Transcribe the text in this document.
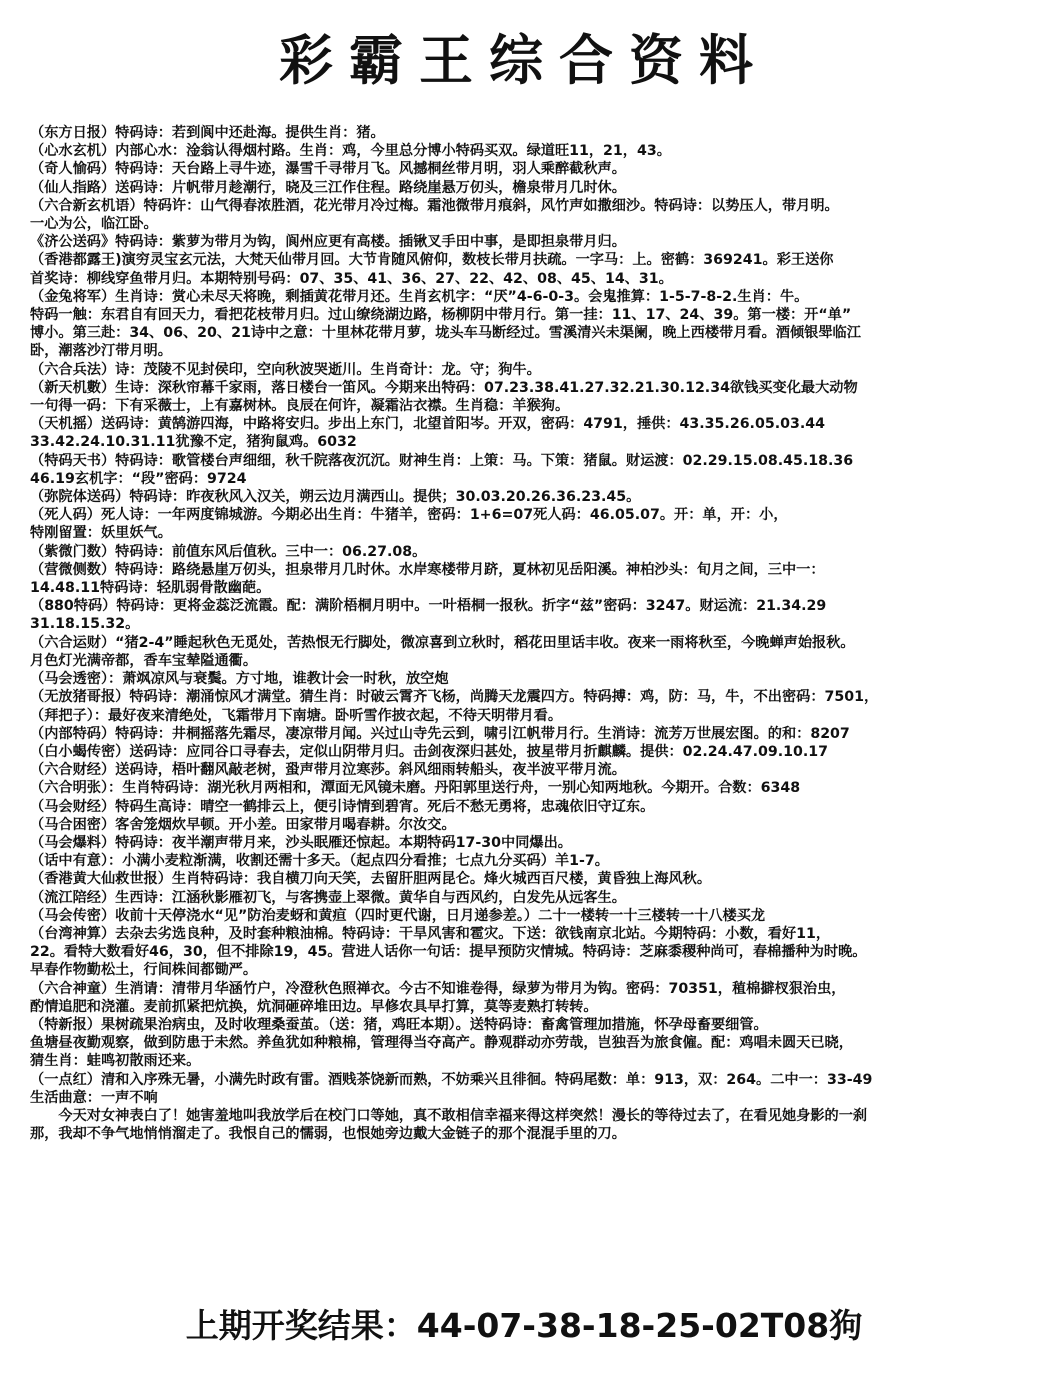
彩霸王综合资料
（东方日报）特码诗：若到阆中还赴海。提供生肖：猪。
（心水玄机）内部心水：淦翁认得烟村路。生肖：鸡，今里总分博小特码买双。绿道旺11，21，43。
（奇人愉码）特码诗：天台路上寻牛迹，瀑雪千寻带月飞。风撼桐丝带月明，羽人乘醉截秋声。
（仙人指路）送码诗：片帆带月趁潮行，晓及三江作住程。路绕崖悬万仞头，檐泉带月几时休。
（六合新玄机语）特码许：山气得春浓胜酒，花光带月冷过梅。霜池微带月痕斜，风竹声如撒细沙。特码诗：以势压人，带月明。
一心为公，临江卧。
《济公送码》特码诗：紫萝为带月为钩，阆州应更有高楼。插锹叉手田中事，是即担泉带月归。
（香港都露王)演穷灵宝玄元法，大梵天仙带月回。大节肯随风俯仰，数枝长带月扶疏。一字马：上。密鹤：369241。彩王送你
首奖诗：柳线穿鱼带月归。本期特别号码：07、35、41、36、27、22、42、08、45、14、31。
（金兔将军）生肖诗：赏心未尽天将晚，剩插黄花带月还。生肖玄机字：“厌”4-6-0-3。会鬼推算：1-5-7-8-2.生肖：牛。
特码一触：东君自有回天力，看把花枝带月归。过山缭绕湖边路，杨柳阴中带月行。第一挂：11、17、24、39。第一楼：开“单”
博小。第三赴：34、06、20、21诗中之意：十里林花带月萝，垅头车马断经过。雪溪清兴未渠阑，晚上西楼带月看。酒倾银斝临江
卧，潮落沙汀带月明。
（六合兵法）诗：茂陵不见封侯印，空向秋波哭逝川。生肖奇计：龙。守；狗牛。
（新天机數）生诗：深秋帘幕千家雨，落日楼台一笛风。今期来出特码：07.23.38.41.27.32.21.30.12.34欲钱买变化最大动物
一句得一码：下有采薇士，上有嘉树林。良辰在何许，凝霜沾衣襟。生肖稳：羊猴狗。
（天机摇）送码诗：黄鹄游四海，中路将安归。步出上东门，北望首阳岑。开双，密码：4791，捶供：43.35.26.05.03.44
33.42.24.10.31.11犹豫不定，猪狗鼠鸡。6032
（特码天书）特码诗：歌管楼台声细细，秋千院落夜沉沉。财神生肖：上策：马。下策：猪鼠。财运渡：02.29.15.08.45.18.36
46.19玄机字：“段”密码：9724
（弥院体送码）特码诗：昨夜秋风入汉关，朔云边月满西山。提供；30.03.20.26.36.23.45。
（死人码）死人诗：一年两度锦城游。今期必出生肖：牛猪羊，密码：1+6=07死人码：46.05.07。开：单，开：小，
特刚留置：妖里妖气。
（紫微门数）特码诗：前值东风后值秋。三中一：06.27.08。
（营微侧数）特码诗：路绕悬崖万仞头，担泉带月几时休。水岸寒楼带月跻，夏林初见岳阳溪。神柏沙头：旬月之间，三中一：
14.48.11特码诗：轻肌弱骨散幽葩。
（880特码）特码诗：更将金蕊泛流霞。配：满阶梧桐月明中。一叶梧桐一报秋。折字“兹”密码：3247。财运流：21.34.29
31.18.15.32。
（六合运财）“猪2-4”睡起秋色无觅处，苦热恨无行脚处，微凉喜到立秋时，稻花田里话丰收。夜来一雨将秋至，今晚蝉声始报秋。
月色灯光满帝都，香车宝辇隘通衢。
（马会透密）：萧飒凉风与衰鬓。方寸地，谁教计会一时秋，放空炮
（无放猪哥报）特码诗：潮涌惊风才满堂。猜生肖：时破云霄齐飞杨，尚腾天龙震四方。特码搏：鸡，防：马，牛，不出密码：7501，
（拜把子）：最好夜来清绝处，飞霜带月下南塘。卧听雪作披衣起，不待天明带月看。
（内部特码）特码诗：井桐摇落先霜尽，凄凉带月闻。兴过山寺先云到，啸引江帆带月行。生消诗：流芳万世展宏图。的和：8207
（白小蝎传密）送码诗：应同谷口寻春去，定似山阴带月归。击剑夜深归甚处，披星带月折麒麟。提供：02.24.47.09.10.17
（六合财经）送码诗，梧叶翻风敲老树，蛩声带月泣寒莎。斜风细雨转船头，夜半波平带月流。
（六合明张）：生肖特码诗：湖光秋月两相和，潭面无风镜未磨。丹阳郭里送行舟，一别心知两地秋。今期开。合数：6348
（马会财经）特码生高诗：晴空一鹤排云上，便引诗情到碧宵。死后不愁无勇将，忠魂依旧守辽东。
（马合困密）客舍笼烟炊早顿。开小差。田家带月喝春耕。尔汝交。
（马会爆料）特码诗：夜半潮声带月来，沙头眠雁还惊起。本期特码17-30中同爆出。
（话中有意）：小满小麦粒渐满，收割还需十多天。（起点四分看推；七点九分买码）羊1-7。
（香港黄大仙救世报）生肖特码诗：我自横刀向天笑，去留肝胆两昆仑。烽火城西百尺楼，黄昏独上海风秋。
（流江陪经）生西诗：江涵秋影雁初飞，与客携壶上翠微。黄华自与西风约，白发先从远客生。
（马会传密）收前十天停浇水“见”防治麦蚜和黄疸（四时更代谢，日月递参差。）二十一楼转一十三楼转一十八楼买龙
（台湾神算）去杂去劣选良种，及时套种粮油棉。特码诗：干旱风害和雹灾。下送：欲钱南京北站。今期特码：小数，看好11，
22。看特大数看好46，30，但不排除19，45。营进人话你一句话：提早预防灾情城。特码诗：芝麻黍稷种尚可，春棉播种为时晚。
早春作物勤松土，行间株间都锄严。
（六合神童）生消请：清带月华涵竹户，冷澄秋色照禅衣。今古不知谁卷得，绿萝为带月为钩。密码：70351，稙棉擗杈狠治虫，
酌情追肥和浇灌。麦前抓紧把炕换，炕洞砸碎堆田边。早修农具早打算，莫等麦熟打转转。
（特新报）果树疏果治病虫，及时收理桑蚕茧。（送：猪，鸡旺本期）。送特码诗：畜禽管理加措施，怀孕母畜要细管。
鱼塘昼夜勤观察，做到防患于未然。养鱼犹如种粮棉，管理得当夺高产。静观群动亦劳哉，岂独吾为旅食僱。配：鸡唱未圆天已晓，
猜生肖：蛙鸣初散雨还来。
（一点红）清和入序殊无暑，小满先时政有雷。酒贱茶饶新而熟，不妨乘兴且徘徊。特码尾数：单：913，双：264。二中一：33-49
生活曲意：一声不响
　　今天对女神表白了！她害羞地叫我放学后在校门口等她，真不敢相信幸福来得这样突然！漫长的等待过去了，在看见她身影的一刹
那，我却不争气地悄悄溜走了。我恨自己的懦弱，也恨她旁边戴大金链子的那个混混手里的刀。
上期开奖结果：44-07-38-18-25-02T08狗
